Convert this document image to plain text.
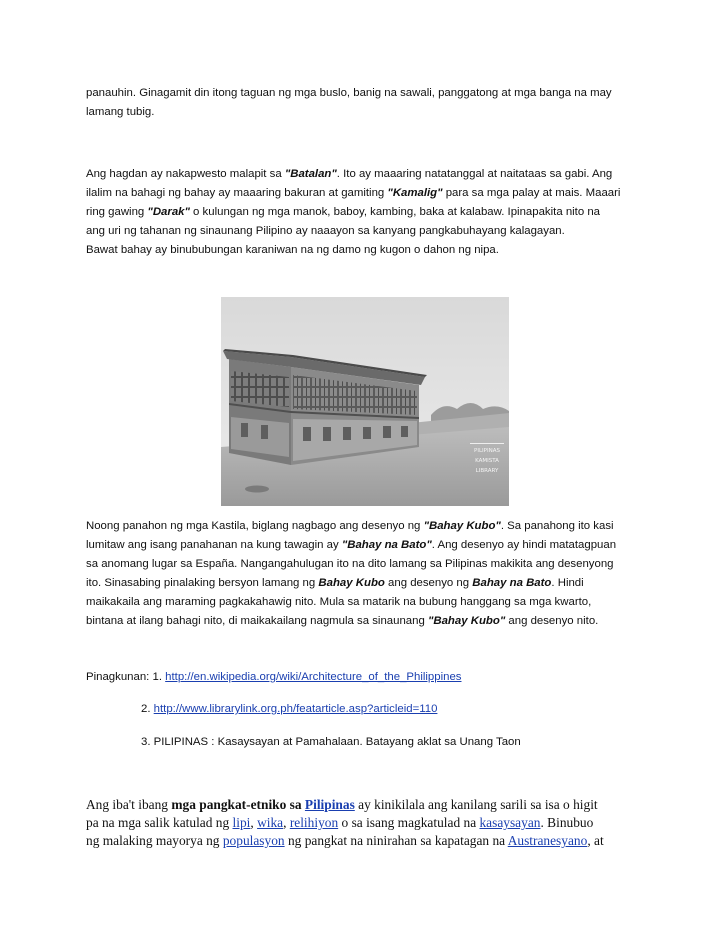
panauhin. Ginagamit din itong taguan ng mga buslo, banig na sawali, panggatong at mga banga na may
lamang tubig.

Ang hagdan ay nakapwesto malapit sa "Batalan". Ito ay maaaring natatanggal at naitataas sa gabi. Ang
ilalim na bahagi ng bahay ay maaaring bakuran at gamiting "Kamalig" para sa mga palay at mais. Maaari
ring gawing "Darak" o kulungan ng mga manok, baboy, kambing, baka at kalabaw. Ipinapakita nito na
ang uri ng tahanan ng sinaunang Pilipino ay naaayon sa kanyang pangkabuhayang kalagayan.
Bawat bahay ay binububungan karaniwan na ng damo ng kugon o dahon ng nipa.

PILIPINAS
KAMISTA
LIBRARY

Noong panahon ng mga Kastila, biglang nagbago ang desenyo ng "Bahay Kubo". Sa panahong ito kasi
lumitaw ang isang panahanan na kung tawagin ay "Bahay na Bato". Ang desenyo ay hindi matatagpuan
sa anomang lugar sa España. Nangangahulugan ito na dito lamang sa Pilipinas makikita ang desenyong
ito. Sinasabing pinalaking bersyon lamang ng Bahay Kubo ang desenyo ng Bahay na Bato. Hindi
maikakaila ang maraming pagkakahawig nito. Mula sa matarik na bubung hanggang sa mga kwarto,
bintana at ilang bahagi nito, di maikakailang nagmula sa sinaunang "Bahay Kubo" ang desenyo nito.

Pinagkunan: 1. http://en.wikipedia.org/wiki/Architecture_of_the_Philippines

2. http://www.librarylink.org.ph/featarticle.asp?articleid=110

3. PILIPINAS : Kasaysayan at Pamahalaan. Batayang aklat sa Unang Taon

Ang iba't ibang mga pangkat-etniko sa Pilipinas ay kinikilala ang kanilang sarili sa isa o higit
pa na mga salik katulad ng lipi, wika, relihiyon o sa isang magkatulad na kasaysayan. Binubuo
ng malaking mayorya ng populasyon ng pangkat na ninirahan sa kapatagan na Austranesyano, at
